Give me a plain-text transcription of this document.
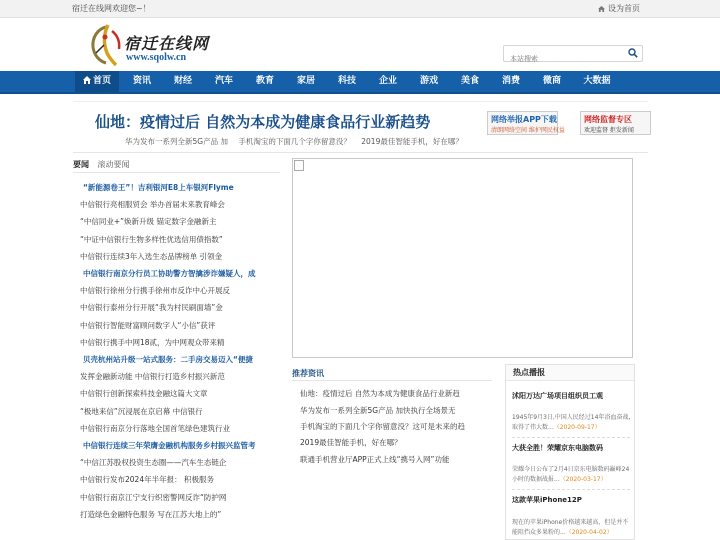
宿迁在线网欢迎您~！	设为首页
宿迁在线网
www.sqolw.cn
本站搜索
首页	资讯	财经	汽车	教育	家居	科技	企业	游戏	美食	消费	微商	大数据
仙地：疫情过后 自然为本成为健康食品行业新趋势
华为发布一系列全新5G产品 加 手机淘宝的下面几个字你留意没？ 2019最佳智能手机，好在哪？
网络举报APP下载
清朗网络空间 维护网民权益
网络监督专区
欢迎监督 拒发新闻
要闻 滚动要闻
“新能源卷王”！吉利银河E8上车银河Flyme
中信银行亮相服贸会 举办首届未来教育峰会
“中信同业+”焕新升级 锚定数字金融新主
“中证中信银行生物多样性优选信用债指数”
中信银行连续3年入选生态品牌榜单 引领金
中信银行南京分行员工协助警方智擒涉诈嫌疑人，成
中信银行徐州分行携手徐州市反诈中心开展反
中信银行泰州分行开展“我为村民刷面墙”金
中信银行智能财富顾问数字人“小信”获评
中信银行携手中网18贰，为中网观众带来精
贝壳杭州站升级一站式服务：二手房交易迈入“便捷
发挥金融新动能 中信银行打造乡村振兴新范
中信银行创新探索科技金融这篇大文章
“极地来信”沉浸展在京启幕 中信银行
中信银行南京分行落地全国首笔绿色建筑行业
中信银行连续三年荣膺金融机构服务乡村振兴监管考
“中信江苏股权投资生态圈——汽车生态链企
中信银行发布2024年半年报： 积极服务
中信银行南京江宁支行织密警网反诈“防护网
打造绿色金融特色服务 写在江苏大地上的”
推荐资讯
仙地：疫情过后 自然为本成为健康食品行业新趋
华为发布一系列全新5G产品 加快执行全场景无
手机淘宝的下面几个字你留意没？这可是未来的趋
2019最佳智能手机，好在哪？
联通手机营业厅APP正式上线“携号入网”功能
热点播报
沭阳万达广场项目组织员工观
1945年9月3日,中国人民经过14年浴血奋战,取得了伟大数...（2020-09-17）
大获全胜！荣耀京东电脑数码
荣耀今日公布了2月4日京东电脑数码巅峰24小时的数据战报...（2020-03-17）
这款苹果iPhone12P
现在的苹果iPhone价格越来越高，但是并不能阻挡众多果粉的...（2020-04-02）
